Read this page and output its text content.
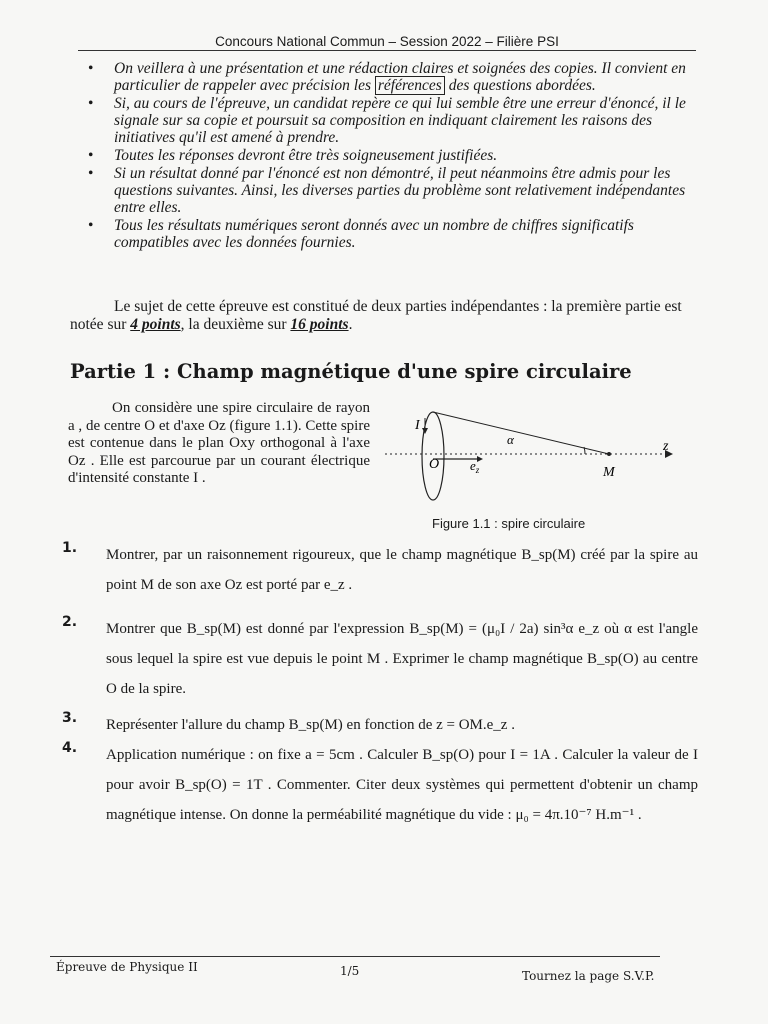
Concours National Commun – Session 2022 – Filière PSI
• On veillera à une présentation et une rédaction claires et soignées des copies. Il convient en particulier de rappeler avec précision les références des questions abordées.
• Si, au cours de l'épreuve, un candidat repère ce qui lui semble être une erreur d'énoncé, il le signale sur sa copie et poursuit sa composition en indiquant clairement les raisons des initiatives qu'il est amené à prendre.
• Toutes les réponses devront être très soigneusement justifiées.
• Si un résultat donné par l'énoncé est non démontré, il peut néanmoins être admis pour les questions suivantes. Ainsi, les diverses parties du problème sont relativement indépendantes entre elles.
• Tous les résultats numériques seront donnés avec un nombre de chiffres significatifs compatibles avec les données fournies.
Le sujet de cette épreuve est constitué de deux parties indépendantes : la première partie est notée sur 4 points, la deuxième sur 16 points.
Partie 1 : Champ magnétique d'une spire circulaire

On considère une spire circulaire de rayon a , de centre O et d'axe Oz (figure 1.1). Cette spire est contenue dans le plan Oxy orthogonal à l'axe Oz . Elle est parcourue par un courant électrique d'intensité constante I .

I
O $e_z$
α
M
z
Figure 1.1 : spire circulaire
1. Montrer, par un raisonnement rigoureux, que le champ magnétique B_sp(M) créé par la spire au point M de son axe Oz est porté par e_z .
2. Montrer que B_sp(M) est donné par l'expression B_sp(M) = (μ₀I / 2a) sin³α e_z où α est l'angle sous lequel la spire est vue depuis le point M . Exprimer le champ magnétique B_sp(O) au centre O de la spire.
3. Représenter l'allure du champ B_sp(M) en fonction de z = OM.e_z .
4. Application numérique : on fixe a = 5cm . Calculer B_sp(O) pour I = 1A . Calculer la valeur de I pour avoir B_sp(O) = 1T . Commenter. Citer deux systèmes qui permettent d'obtenir un champ magnétique intense. On donne la perméabilité magnétique du vide : μ₀ = 4π.10⁻⁷ H.m⁻¹ .
Épreuve de Physique II	1/5	Tournez la page S.V.P.
